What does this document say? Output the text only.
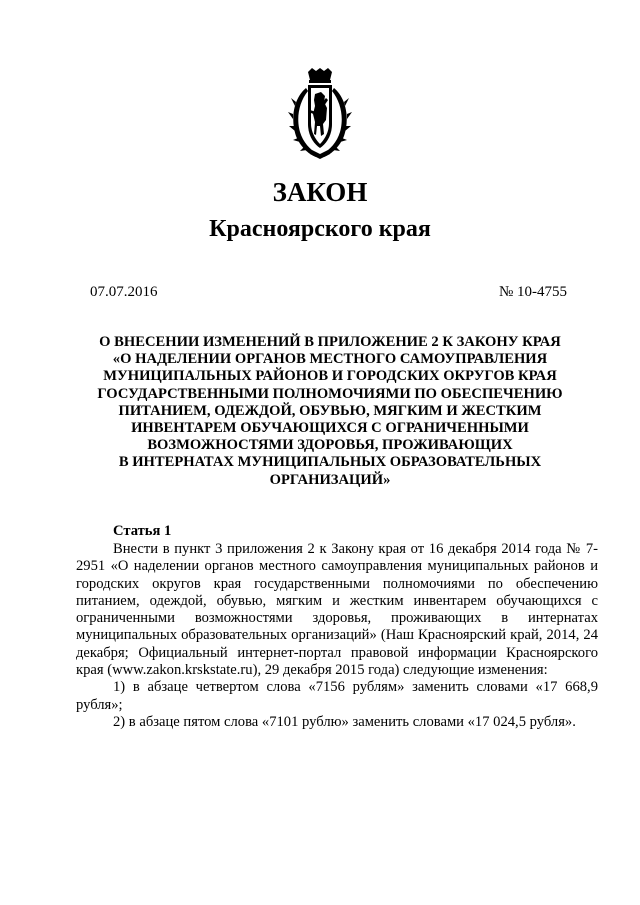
ЗАКОН
Красноярского края
07.07.2016	№ 10-4755
О ВНЕСЕНИИ ИЗМЕНЕНИЙ В ПРИЛОЖЕНИЕ 2 К ЗАКОНУ КРАЯ
«О НАДЕЛЕНИИ ОРГАНОВ МЕСТНОГО САМОУПРАВЛЕНИЯ
МУНИЦИПАЛЬНЫХ РАЙОНОВ И ГОРОДСКИХ ОКРУГОВ КРАЯ
ГОСУДАРСТВЕННЫМИ ПОЛНОМОЧИЯМИ ПО ОБЕСПЕЧЕНИЮ
ПИТАНИЕМ, ОДЕЖДОЙ, ОБУВЬЮ, МЯГКИМ И ЖЕСТКИМ
ИНВЕНТАРЕМ ОБУЧАЮЩИХСЯ С ОГРАНИЧЕННЫМИ
ВОЗМОЖНОСТЯМИ ЗДОРОВЬЯ, ПРОЖИВАЮЩИХ
В ИНТЕРНАТАХ МУНИЦИПАЛЬНЫХ ОБРАЗОВАТЕЛЬНЫХ
ОРГАНИЗАЦИЙ»
Статья 1

Внести в пункт 3 приложения 2 к Закону края от 16 декабря 2014 года № 7-2951 «О наделении органов местного самоуправления муниципальных районов и городских округов края государственными полномочиями по обеспечению питанием, одеждой, обувью, мягким и жестким инвентарем обучающихся с ограниченными возможностями здоровья, проживающих в интернатах муниципальных образовательных организаций» (Наш Красноярский край, 2014, 24 декабря; Официальный интернет-портал правовой информации Красноярского края (www.zakon.krskstate.ru), 29 декабря 2015 года) следующие изменения:

1) в абзаце четвертом слова «7156 рублям» заменить словами «17 668,9 рубля»;

2) в абзаце пятом слова «7101 рублю» заменить словами «17 024,5 рубля».
